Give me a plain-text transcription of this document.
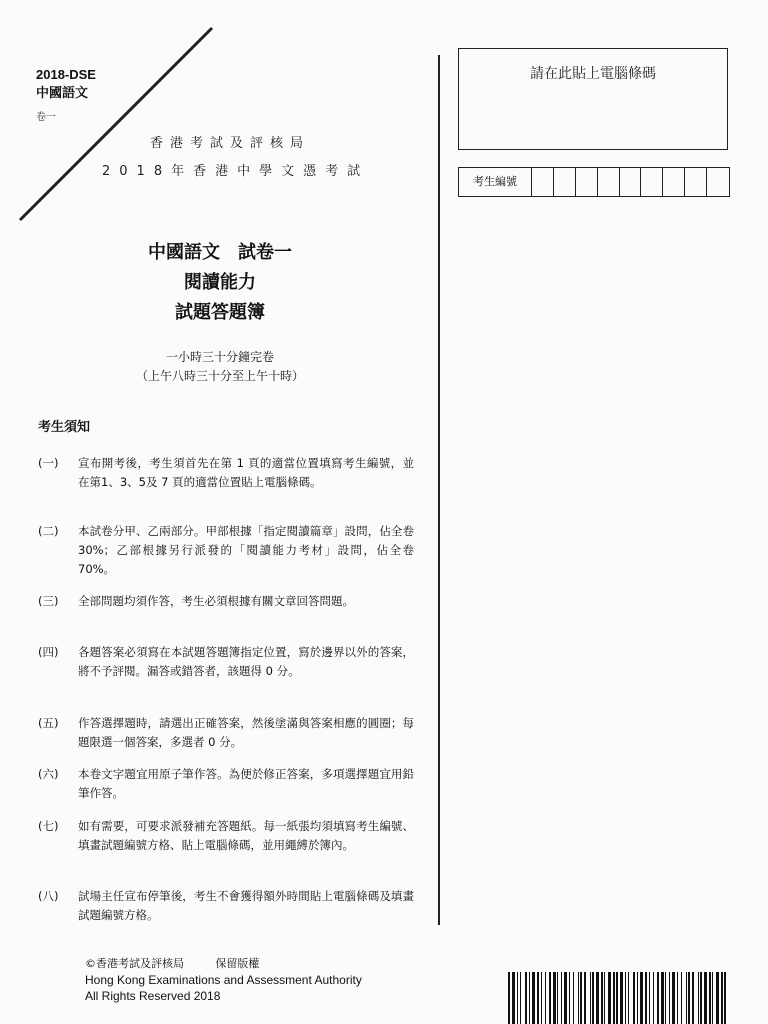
2018-DSE
中國語文
卷一
香港考試及評核局
2018年香港中學文憑考試
中國語文　試卷一
閱讀能力
試題答題簿
一小時三十分鐘完卷
（上午八時三十分至上午十時）
考生須知
(一)	宣布開考後，考生須首先在第 1 頁的適當位置填寫考生編號，並在第1、3、5及 7 頁的適當位置貼上電腦條碼。
(二)	本試卷分甲、乙兩部分。甲部根據「指定閱讀篇章」設問，佔全卷30%；乙部根據另行派發的「閱讀能力考材」設問，佔全卷70%。
(三)	全部問題均須作答，考生必須根據有關文章回答問題。
(四)	各題答案必須寫在本試題答題簿指定位置，寫於邊界以外的答案，將不予評閱。漏答或錯答者，該題得 0 分。
(五)	作答選擇題時，請選出正確答案，然後塗滿與答案相應的圓圈；每題限選一個答案，多選者 0 分。
(六)	本卷文字題宜用原子筆作答。為便於修正答案，多項選擇題宜用鉛筆作答。
(七)	如有需要，可要求派發補充答題紙。每一紙張均須填寫考生編號、填畫試題編號方格、貼上電腦條碼，並用繩縛於簿內。
(八)	試場主任宣布停筆後，考生不會獲得額外時間貼上電腦條碼及填畫試題編號方格。
請在此貼上電腦條碼
考生編號
©香港考試及評核局	保留版權
Hong Kong Examinations and Assessment Authority
All Rights Reserved 2018
